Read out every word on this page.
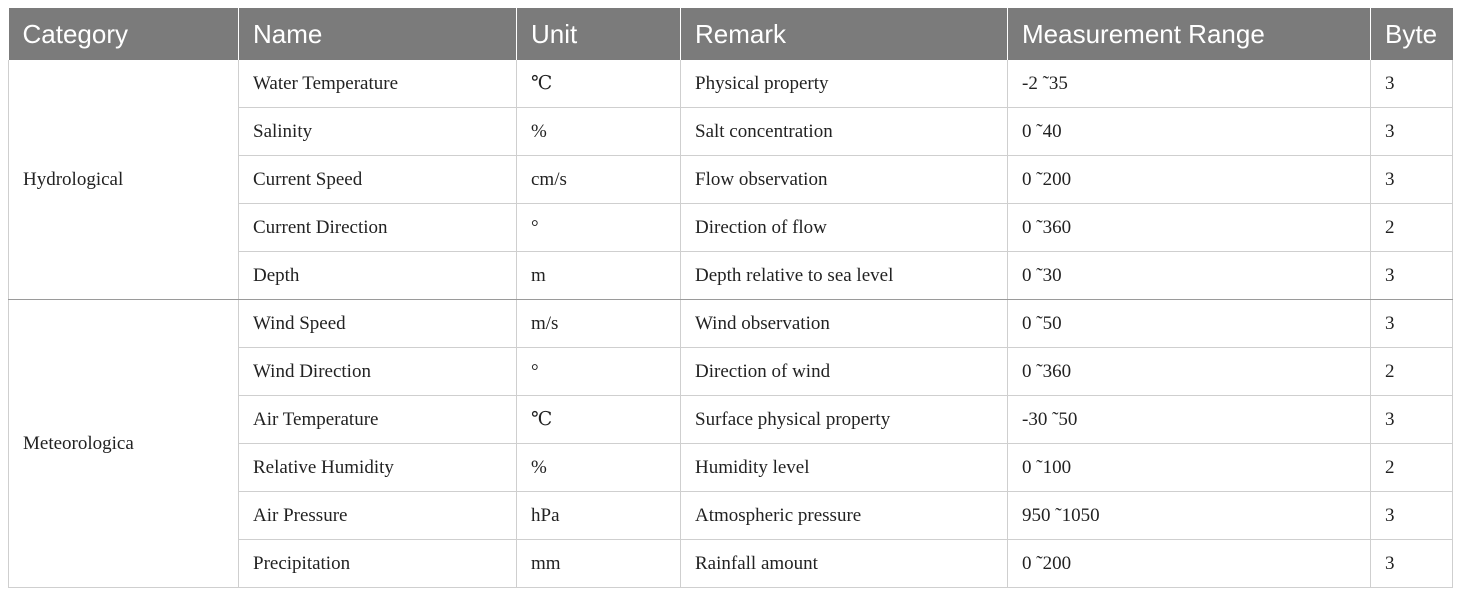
Category	Name	Unit	Remark	Measurement Range	Byte
Hydrological	Water Temperature	℃	Physical property	-2 ˜35	3
	Salinity	%	Salt concentration	0 ˜40	3
	Current Speed	cm/s	Flow observation	0 ˜200	3
	Current Direction	°	Direction of flow	0 ˜360	2
	Depth	m	Depth relative to sea level	0 ˜30	3
Meteorologica	Wind Speed	m/s	Wind observation	0 ˜50	3
	Wind Direction	°	Direction of wind	0 ˜360	2
	Air Temperature	℃	Surface physical property	-30 ˜50	3
	Relative Humidity	%	Humidity level	0 ˜100	2
	Air Pressure	hPa	Atmospheric pressure	950 ˜1050	3
	Precipitation	mm	Rainfall amount	0 ˜200	3
